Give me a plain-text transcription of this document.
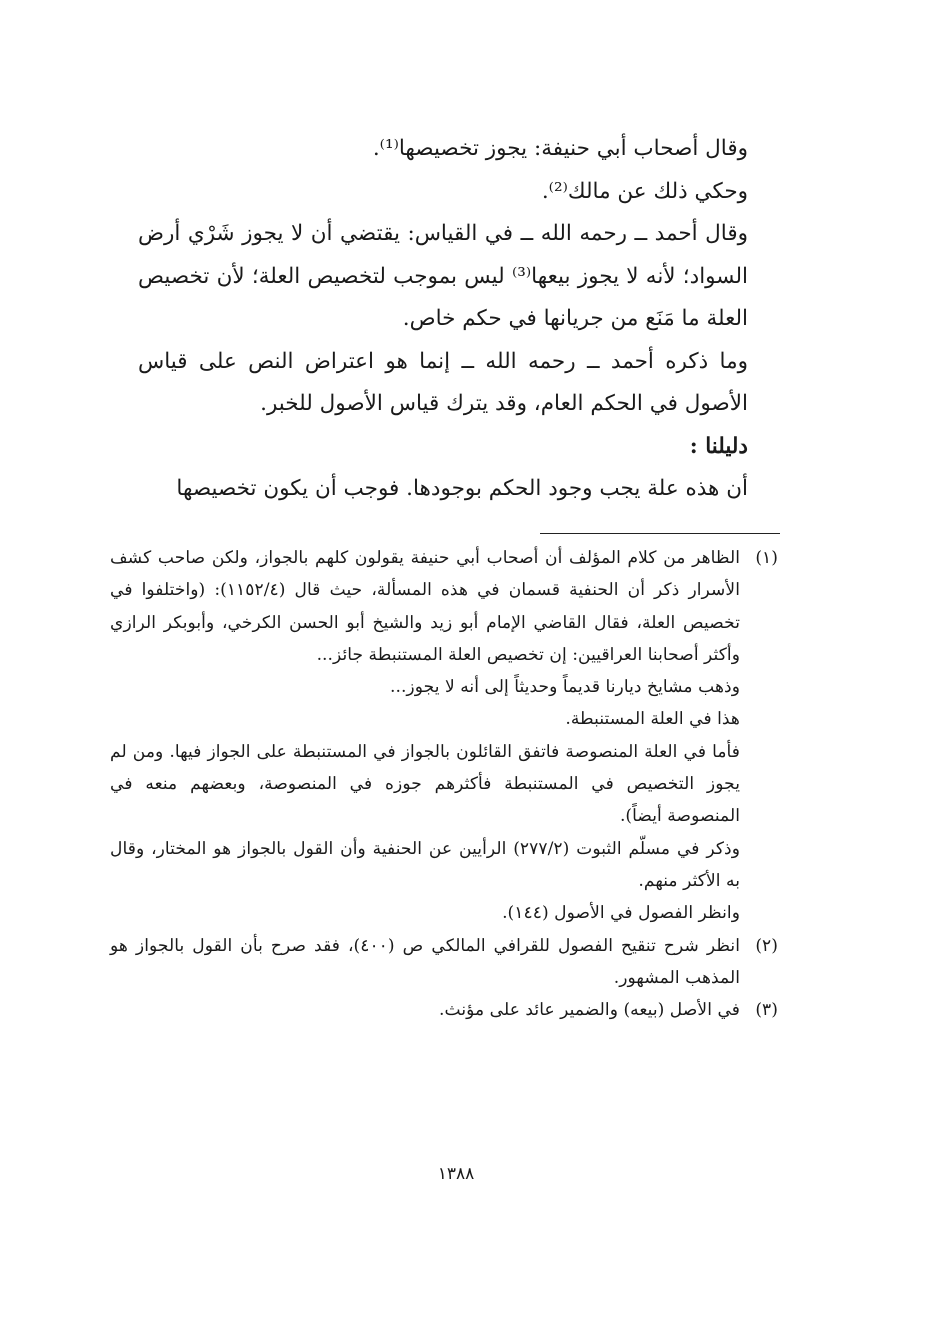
وقال أصحاب أبي حنيفة: يجوز تخصيصها⁽¹⁾.

وحكي ذلك عن مالك⁽²⁾.

وقال أحمد ــ رحمه الله ــ في القياس: يقتضي أن لا يجوز شَرْي أرض السواد؛ لأنه لا يجوز بيعها⁽³⁾ ليس بموجب لتخصيص العلة؛ لأن تخصيص العلة ما مَنَع من جريانها في حكم خاص.

وما ذكره أحمد ــ رحمه الله ــ إنما هو اعتراض النص على قياس الأصول في الحكم العام، وقد يترك قياس الأصول للخبر.

دليلنا :

أن هذه علة يجب وجود الحكم بوجودها. فوجب أن يكون تخصيصها

(١)

الظاهر من كلام المؤلف أن أصحاب أبي حنيفة يقولون كلهم بالجواز، ولكن صاحب كشف الأسرار ذكر أن الحنفية قسمان في هذه المسألة، حيث قال (١١٥٢/٤): (واختلفوا في تخصيص العلة، فقال القاضي الإمام أبو زيد والشيخ أبو الحسن الكرخي، وأبوبكر الرازي وأكثر أصحابنا العراقيين: إن تخصيص العلة المستنبطة جائز...

وذهب مشايخ ديارنا قديماً وحديثاً إلى أنه لا يجوز...

هذا في العلة المستنبطة.

فأما في العلة المنصوصة فاتفق القائلون بالجواز في المستنبطة على الجواز فيها. ومن لم يجوز التخصيص في المستنبطة فأكثرهم جوزه في المنصوصة، وبعضهم منعه في المنصوصة أيضاً).

وذكر في مسلّم الثبوت (٢٧٧/٢) الرأيين عن الحنفية وأن القول بالجواز هو المختار، وقال به الأكثر منهم.

وانظر الفصول في الأصول (١٤٤).

(٢)

انظر شرح تنقيح الفصول للقرافي المالكي ص (٤٠٠)، فقد صرح بأن القول بالجواز هو المذهب المشهور.

(٣)

في الأصل (بيعه) والضمير عائد على مؤنث.

١٣٨٨
